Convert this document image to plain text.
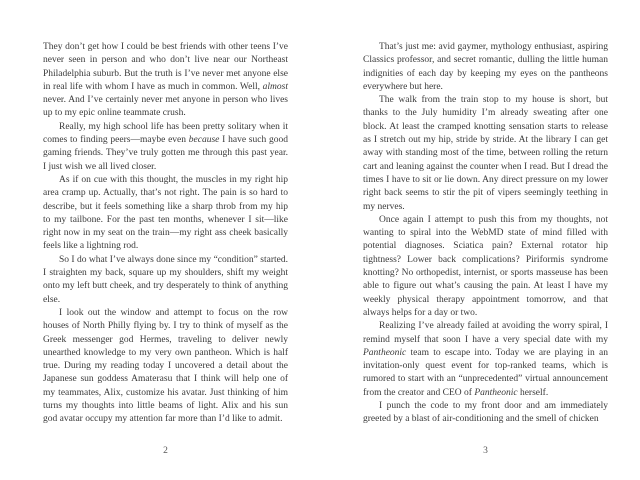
They don’t get how I could be best friends with other teens I’ve never seen in person and who don’t live near our Northeast Philadelphia suburb. But the truth is I’ve never met anyone else in real life with whom I have as much in common. Well, almost never. And I’ve certainly never met anyone in person who lives up to my epic online teammate crush.

Really, my high school life has been pretty solitary when it comes to finding peers—maybe even because I have such good gaming friends. They’ve truly gotten me through this past year. I just wish we all lived closer.

As if on cue with this thought, the muscles in my right hip area cramp up. Actually, that’s not right. The pain is so hard to describe, but it feels something like a sharp throb from my hip to my tailbone. For the past ten months, whenever I sit—like right now in my seat on the train—my right ass cheek basically feels like a lightning rod.

So I do what I’ve always done since my “condition” started. I straighten my back, square up my shoulders, shift my weight onto my left butt cheek, and try desperately to think of anything else.

I look out the window and attempt to focus on the row houses of North Philly flying by. I try to think of myself as the Greek messenger god Hermes, traveling to deliver newly unearthed knowledge to my very own pantheon. Which is half true. During my reading today I uncovered a detail about the Japanese sun goddess Amaterasu that I think will help one of my teammates, Alix, customize his avatar. Just thinking of him turns my thoughts into little beams of light. Alix and his sun god avatar occupy my attention far more than I’d like to admit.

That’s just me: avid gaymer, mythology enthusiast, aspiring Classics professor, and secret romantic, dulling the little human indignities of each day by keeping my eyes on the pantheons everywhere but here.

The walk from the train stop to my house is short, but thanks to the July humidity I’m already sweating after one block. At least the cramped knotting sensation starts to release as I stretch out my hip, stride by stride. At the library I can get away with standing most of the time, between rolling the return cart and leaning against the counter when I read. But I dread the times I have to sit or lie down. Any direct pressure on my lower right back seems to stir the pit of vipers seemingly teething in my nerves.

Once again I attempt to push this from my thoughts, not wanting to spiral into the WebMD state of mind filled with potential diagnoses. Sciatica pain? External rotator hip tightness? Lower back complications? Piriformis syndrome knotting? No orthopedist, internist, or sports masseuse has been able to figure out what’s causing the pain. At least I have my weekly physical therapy appointment tomorrow, and that always helps for a day or two.

Realizing I’ve already failed at avoiding the worry spiral, I remind myself that soon I have a very special date with my Pantheonic team to escape into. Today we are playing in an invitation-only quest event for top-ranked teams, which is rumored to start with an “unprecedented” virtual announcement from the creator and CEO of Pantheonic herself.

I punch the code to my front door and am immediately greeted by a blast of air-conditioning and the smell of chicken

2	3
